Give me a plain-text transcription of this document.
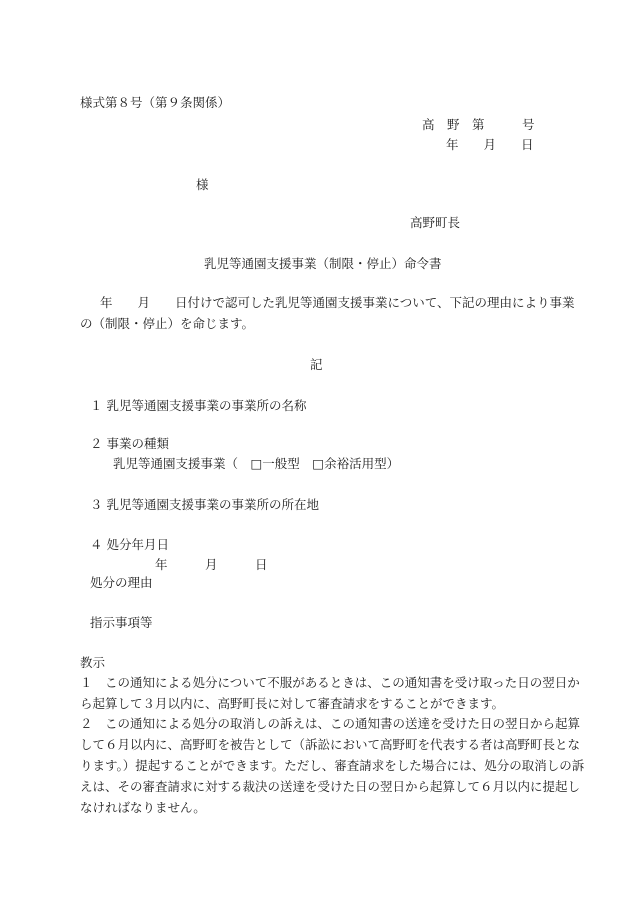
様式第８号（第９条関係）
高　野　第　　　号
年　　月　　日
様
高野町長
乳児等通園支援事業（制限・停止）命令書
年　　月　　日付けで認可した乳児等通園支援事業について、下記の理由により事業
の（制限・停止）を命じます。
記
１ 乳児等通園支援事業の事業所の名称
２ 事業の種類
乳児等通園支援事業（　□一般型　□余裕活用型）
３ 乳児等通園支援事業の事業所の所在地
４ 処分年月日
年　　　月　　　日
処分の理由
指示事項等
教示
１　この通知による処分について不服があるときは、この通知書を受け取った日の翌日か
ら起算して３月以内に、高野町長に対して審査請求をすることができます。
２　この通知による処分の取消しの訴えは、この通知書の送達を受けた日の翌日から起算
して６月以内に、高野町を被告として（訴訟において高野町を代表する者は高野町長とな
ります。）提起することができます。ただし、審査請求をした場合には、処分の取消しの訴
えは、その審査請求に対する裁決の送達を受けた日の翌日から起算して６月以内に提起し
なければなりません。
